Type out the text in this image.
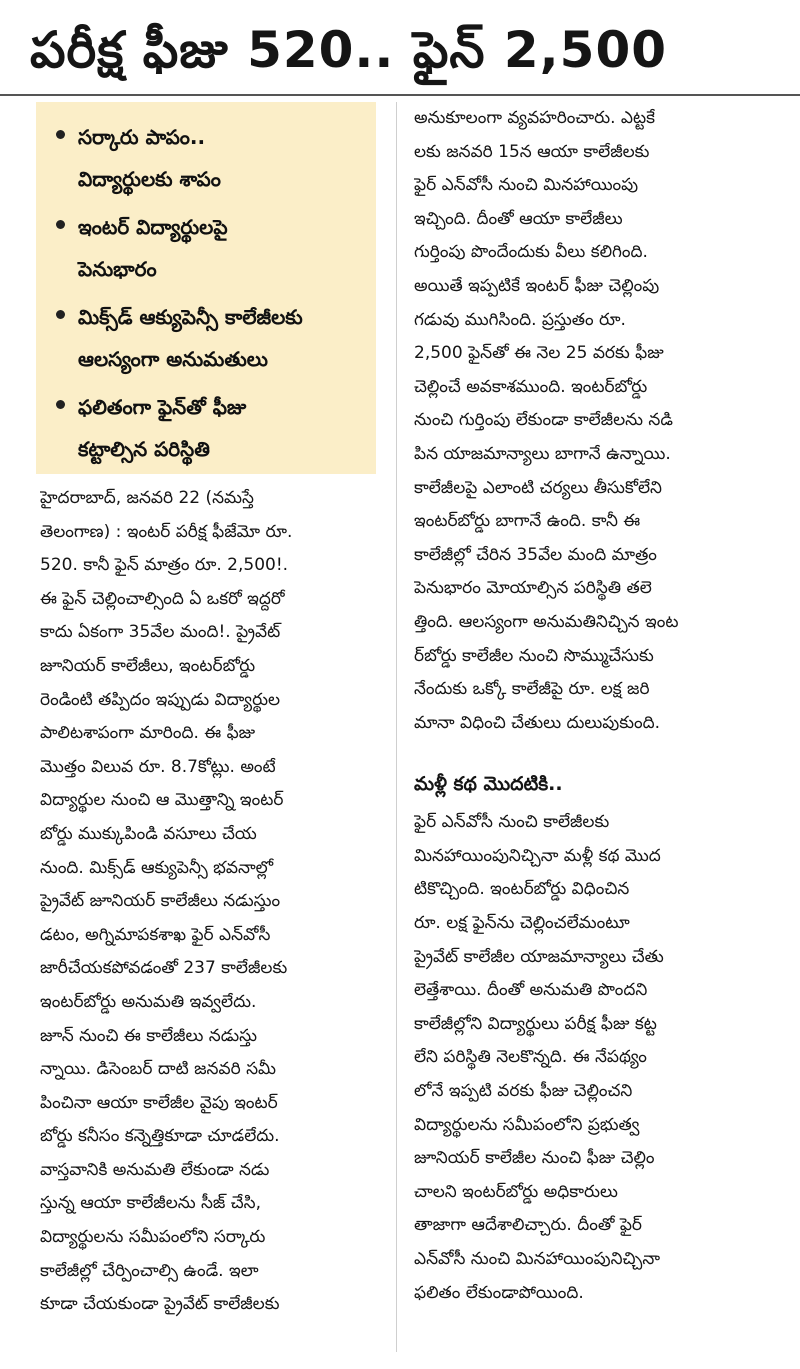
పరీక్ష ఫీజు 520.. ఫైన్ 2,500
సర్కారు పాపం..
విద్యార్థులకు శాపం
ఇంటర్ విద్యార్థులపై
పెనుభారం
మిక్స్‌డ్ ఆక్యుపెన్సీ కాలేజీలకు
ఆలస్యంగా అనుమతులు
ఫలితంగా ఫైన్‌తో ఫీజు
కట్టాల్సిన పరిస్థితి
హైదరాబాద్, జనవరి 22 (నమస్తే
తెలంగాణ) : ఇంటర్ పరీక్ష ఫీజేమో రూ.
520. కానీ ఫైన్ మాత్రం రూ. 2,500!.
ఈ ఫైన్ చెల్లించాల్సింది ఏ ఒకరో ఇద్దరో
కాదు ఏకంగా 35వేల మంది!. ప్రైవేట్
జూనియర్ కాలేజీలు, ఇంటర్‌బోర్డు
రెండింటి తప్పిదం ఇప్పుడు విద్యార్థుల
పాలిటశాపంగా మారింది. ఈ ఫీజు
మొత్తం విలువ రూ. 8.7కోట్లు. అంటే
విద్యార్థుల నుంచి ఆ మొత్తాన్ని ఇంటర్
బోర్డు ముక్కుపిండి వసూలు చేయ
నుంది. మిక్స్‌డ్ ఆక్యుపెన్సీ భవనాల్లో
ప్రైవేట్ జూనియర్ కాలేజీలు నడుస్తుం
డటం, అగ్నిమాపకశాఖ ఫైర్ ఎన్‌వోసీ
జారీచేయకపోవడంతో 237 కాలేజీలకు
ఇంటర్‌బోర్డు అనుమతి ఇవ్వలేదు.
జూన్ నుంచి ఈ కాలేజీలు నడుస్తు
న్నాయి. డిసెంబర్ దాటి జనవరి సమీ
పించినా ఆయా కాలేజీల వైపు ఇంటర్
బోర్డు కనీసం కన్నెత్తికూడా చూడలేదు.
వాస్తవానికి అనుమతి లేకుండా నడు
స్తున్న ఆయా కాలేజీలను సీజ్ చేసి,
విద్యార్థులను సమీపంలోని సర్కారు
కాలేజీల్లో చేర్పించాల్సి ఉండే. ఇలా
కూడా చేయకుండా ప్రైవేట్ కాలేజీలకు
అనుకూలంగా వ్యవహరించారు. ఎట్టకే
లకు జనవరి 15న ఆయా కాలేజీలకు
ఫైర్ ఎన్‌వోసీ నుంచి మినహాయింపు
ఇచ్చింది. దీంతో ఆయా కాలేజీలు
గుర్తింపు పొందేందుకు వీలు కలిగింది.
అయితే ఇప్పటికే ఇంటర్ ఫీజు చెల్లింపు
గడువు ముగిసింది. ప్రస్తుతం రూ.
2,500 ఫైన్‌తో ఈ నెల 25 వరకు ఫీజు
చెల్లించే అవకాశముంది. ఇంటర్‌బోర్డు
నుంచి గుర్తింపు లేకుండా కాలేజీలను నడి
పిన యాజమాన్యాలు బాగానే ఉన్నాయి.
కాలేజీలపై ఎలాంటి చర్యలు తీసుకోలేని
ఇంటర్‌బోర్డు బాగానే ఉంది. కానీ ఈ
కాలేజీల్లో చేరిన 35వేల మంది మాత్రం
పెనుభారం మోయాల్సిన పరిస్థితి తలె
త్తింది. ఆలస్యంగా అనుమతినిచ్చిన ఇంట
ర్‌బోర్డు కాలేజీల నుంచి సొమ్ముచేసుకు
నేందుకు ఒక్కో కాలేజీపై రూ. లక్ష జరి
మానా విధించి చేతులు దులుపుకుంది.
మళ్లీ కథ మొదటికి..
ఫైర్ ఎన్‌వోసీ నుంచి కాలేజీలకు
మినహాయింపునిచ్చినా మళ్లీ కథ మొద
టికొచ్చింది. ఇంటర్‌బోర్డు విధించిన
రూ. లక్ష ఫైన్‌ను చెల్లించలేమంటూ
ప్రైవేట్ కాలేజీల యాజమాన్యాలు చేతు
లెత్తేశాయి. దీంతో అనుమతి పొందని
కాలేజీల్లోని విద్యార్థులు పరీక్ష ఫీజు కట్ట
లేని పరిస్థితి నెలకొన్నది. ఈ నేపథ్యం
లోనే ఇప్పటి వరకు ఫీజు చెల్లించని
విద్యార్థులను సమీపంలోని ప్రభుత్వ
జూనియర్ కాలేజీల నుంచి ఫీజు చెల్లిం
చాలని ఇంటర్‌బోర్డు అధికారులు
తాజాగా ఆదేశాలిచ్చారు. దీంతో ఫైర్
ఎన్‌వోసీ నుంచి మినహాయింపునిచ్చినా
ఫలితం లేకుండాపోయింది.
